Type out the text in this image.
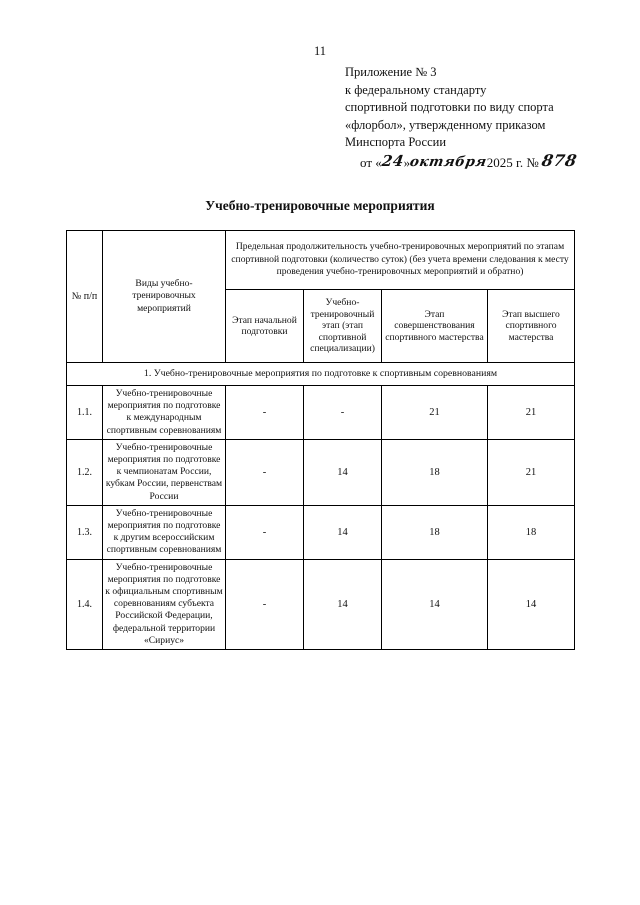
11
Приложение № 3
к федеральному стандарту
спортивной подготовки по виду спорта
«флорбол», утвержденному приказом
Минспорта России
от «24»октября2025 г. № 878
Учебно-тренировочные мероприятия
№ п/п	Виды учебно-тренировочных мероприятий	Предельная продолжительность учебно-тренировочных мероприятий по этапам спортивной подготовки (количество суток) (без учета времени следования к месту проведения учебно-тренировочных мероприятий и обратно)			
		Этап начальной подготовки	Учебно-тренировочный этап (этап спортивной специализации)	Этап совершенствования спортивного мастерства	Этап высшего спортивного мастерства
1. Учебно-тренировочные мероприятия по подготовке к спортивным соревнованиям					
1.1.	Учебно-тренировочные мероприятия по подготовке к международным спортивным соревнованиям	-	-	21	21
1.2.	Учебно-тренировочные мероприятия по подготовке к чемпионатам России, кубкам России, первенствам России	-	14	18	21
1.3.	Учебно-тренировочные мероприятия по подготовке к другим всероссийским спортивным соревнованиям	-	14	18	18
1.4.	Учебно-тренировочные мероприятия по подготовке к официальным спортивным соревнованиям субъекта Российской Федерации, федеральной территории «Сириус»	-	14	14	14
